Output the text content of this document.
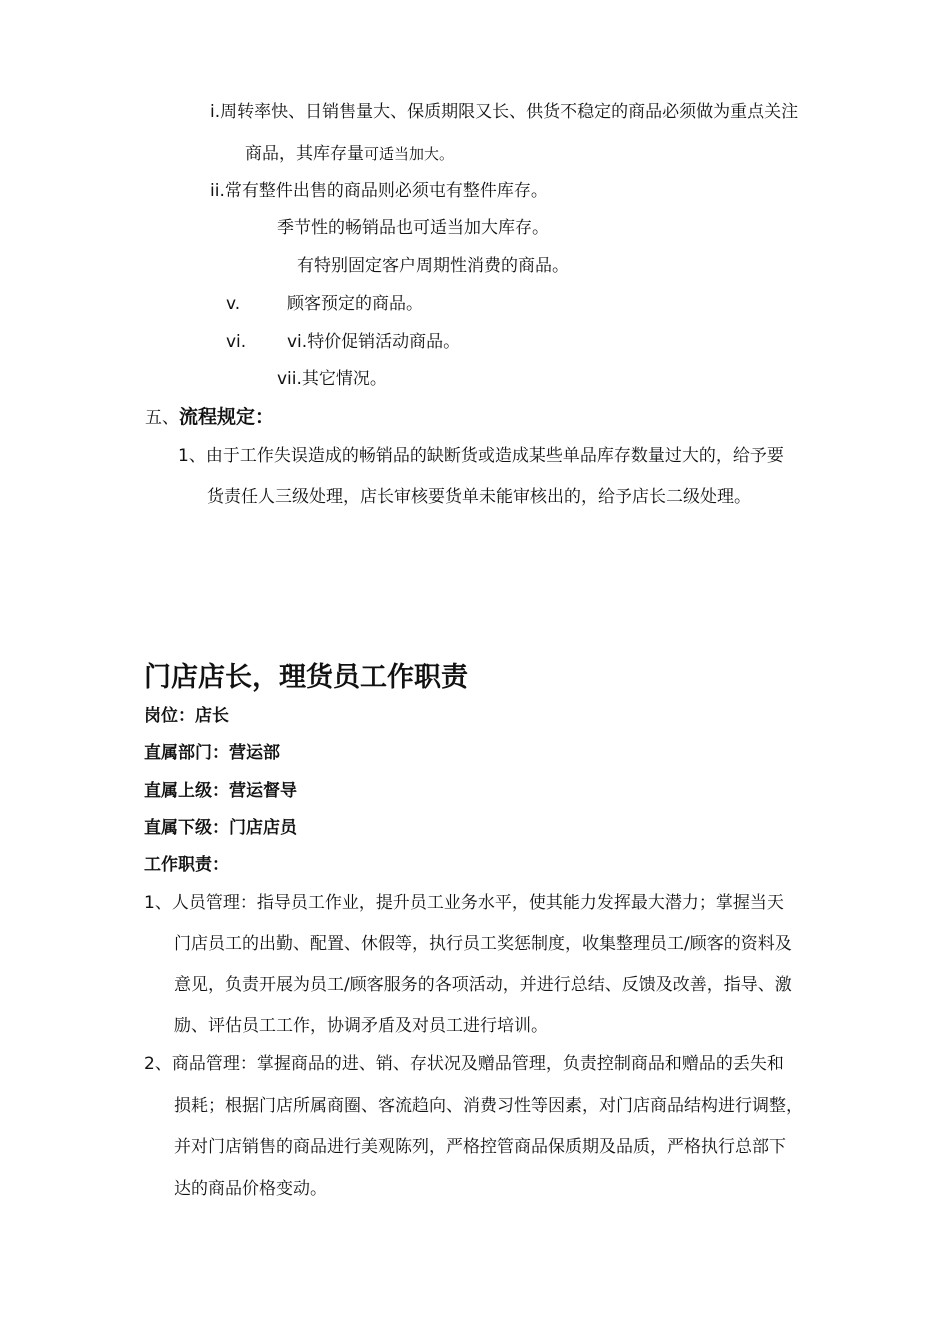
i.周转率快、日销售量大、保质期限又长、供货不稳定的商品必须做为重点关注
商品，其库存量可适当加大。
ii.常有整件出售的商品则必须屯有整件库存。
季节性的畅销品也可适当加大库存。
有特别固定客户周期性消费的商品。
v.	顾客预定的商品。
vi. vi.特价促销活动商品。
vii.其它情况。
五、流程规定：
1、由于工作失误造成的畅销品的缺断货或造成某些单品库存数量过大的，给予要
货责任人三级处理，店长审核要货单未能审核出的，给予店长二级处理。
门店店长，理货员工作职责
岗位：店长
直属部门：营运部
直属上级：营运督导
直属下级：门店店员
工作职责：
1、人员管理：指导员工作业，提升员工业务水平，使其能力发挥最大潜力；掌握当天
门店员工的出勤、配置、休假等，执行员工奖惩制度，收集整理员工/顾客的资料及
意见，负责开展为员工/顾客服务的各项活动，并进行总结、反馈及改善，指导、激
励、评估员工工作，协调矛盾及对员工进行培训。
2、商品管理：掌握商品的进、销、存状况及赠品管理，负责控制商品和赠品的丢失和
损耗；根据门店所属商圈、客流趋向、消费习性等因素，对门店商品结构进行调整，
并对门店销售的商品进行美观陈列，严格控管商品保质期及品质，严格执行总部下
达的商品价格变动。
